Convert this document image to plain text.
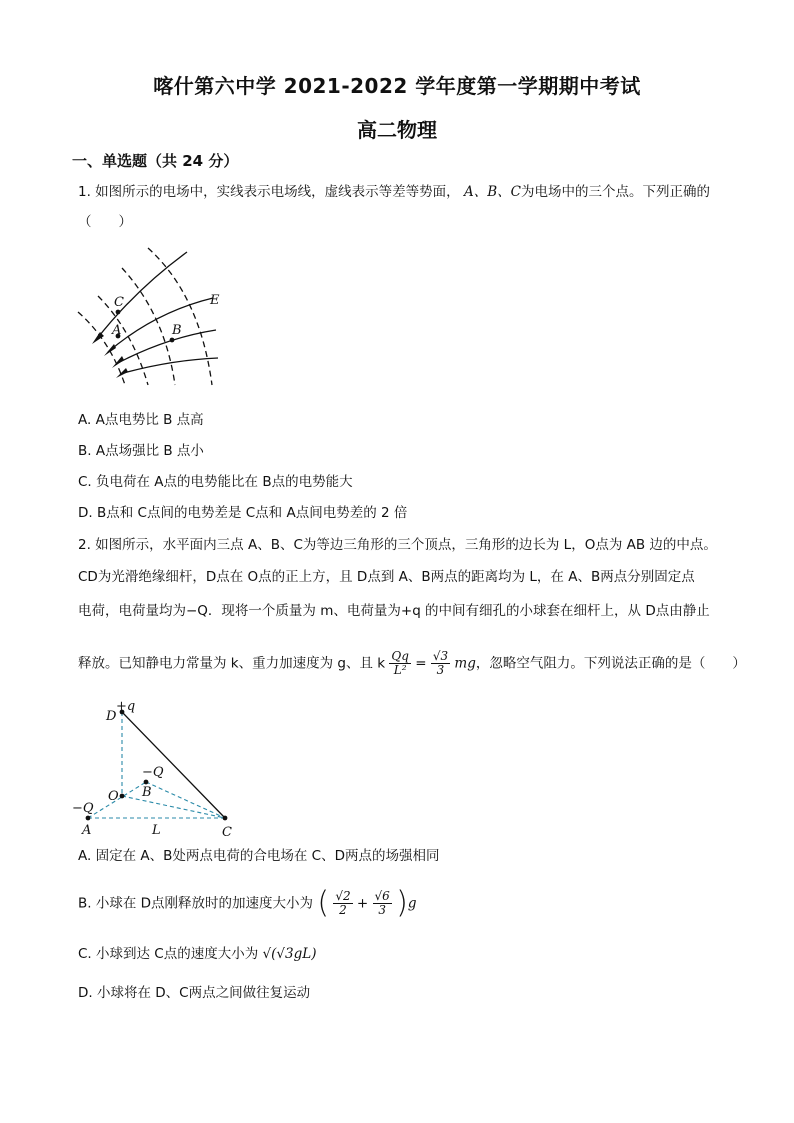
喀什第六中学 2021-2022 学年度第一学期期中考试
高二物理
一、单选题（共 24 分）
1. 如图所示的电场中，实线表示电场线，虚线表示等差等势面， A、B、C为电场中的三个点。下列正确的
（　　）
C
A	B
E
A. A点电势比 B 点高
B. A点场强比 B 点小
C. 负电荷在 A点的电势能比在 B点的电势能大
D. B点和 C点间的电势差是 C点和 A点间电势差的 2 倍
2. 如图所示，水平面内三点 A、B、C为等边三角形的三个顶点，三角形的边长为 L，O点为 AB 边的中点。
CD为光滑绝缘细杆，D点在 O点的正上方，且 D点到 A、B两点的距离均为 L，在 A、B两点分别固定点
电荷，电荷量均为−Q．现将一个质量为 m、电荷量为+q 的中间有细孔的小球套在细杆上，从 D点由静止
释放。已知静电力常量为 k、重力加速度为 g、且 k $\frac{Qq}{\text{L²}} = \frac{√3}{3}$ mg，忽略空气阻力。下列说法正确的是（　　）
D
+q
−Q
B
O
−Q
A	L	C
A. 固定在 A、B处两点电荷的合电场在 C、D两点的场强相同
B. 小球在 D点刚释放时的加速度大小为 ( $\frac{√2}{2} + \frac{√6}{3} )g$
C. 小球到达 C点的速度大小为 √(√3gL)
D. 小球将在 D、C两点之间做往复运动
